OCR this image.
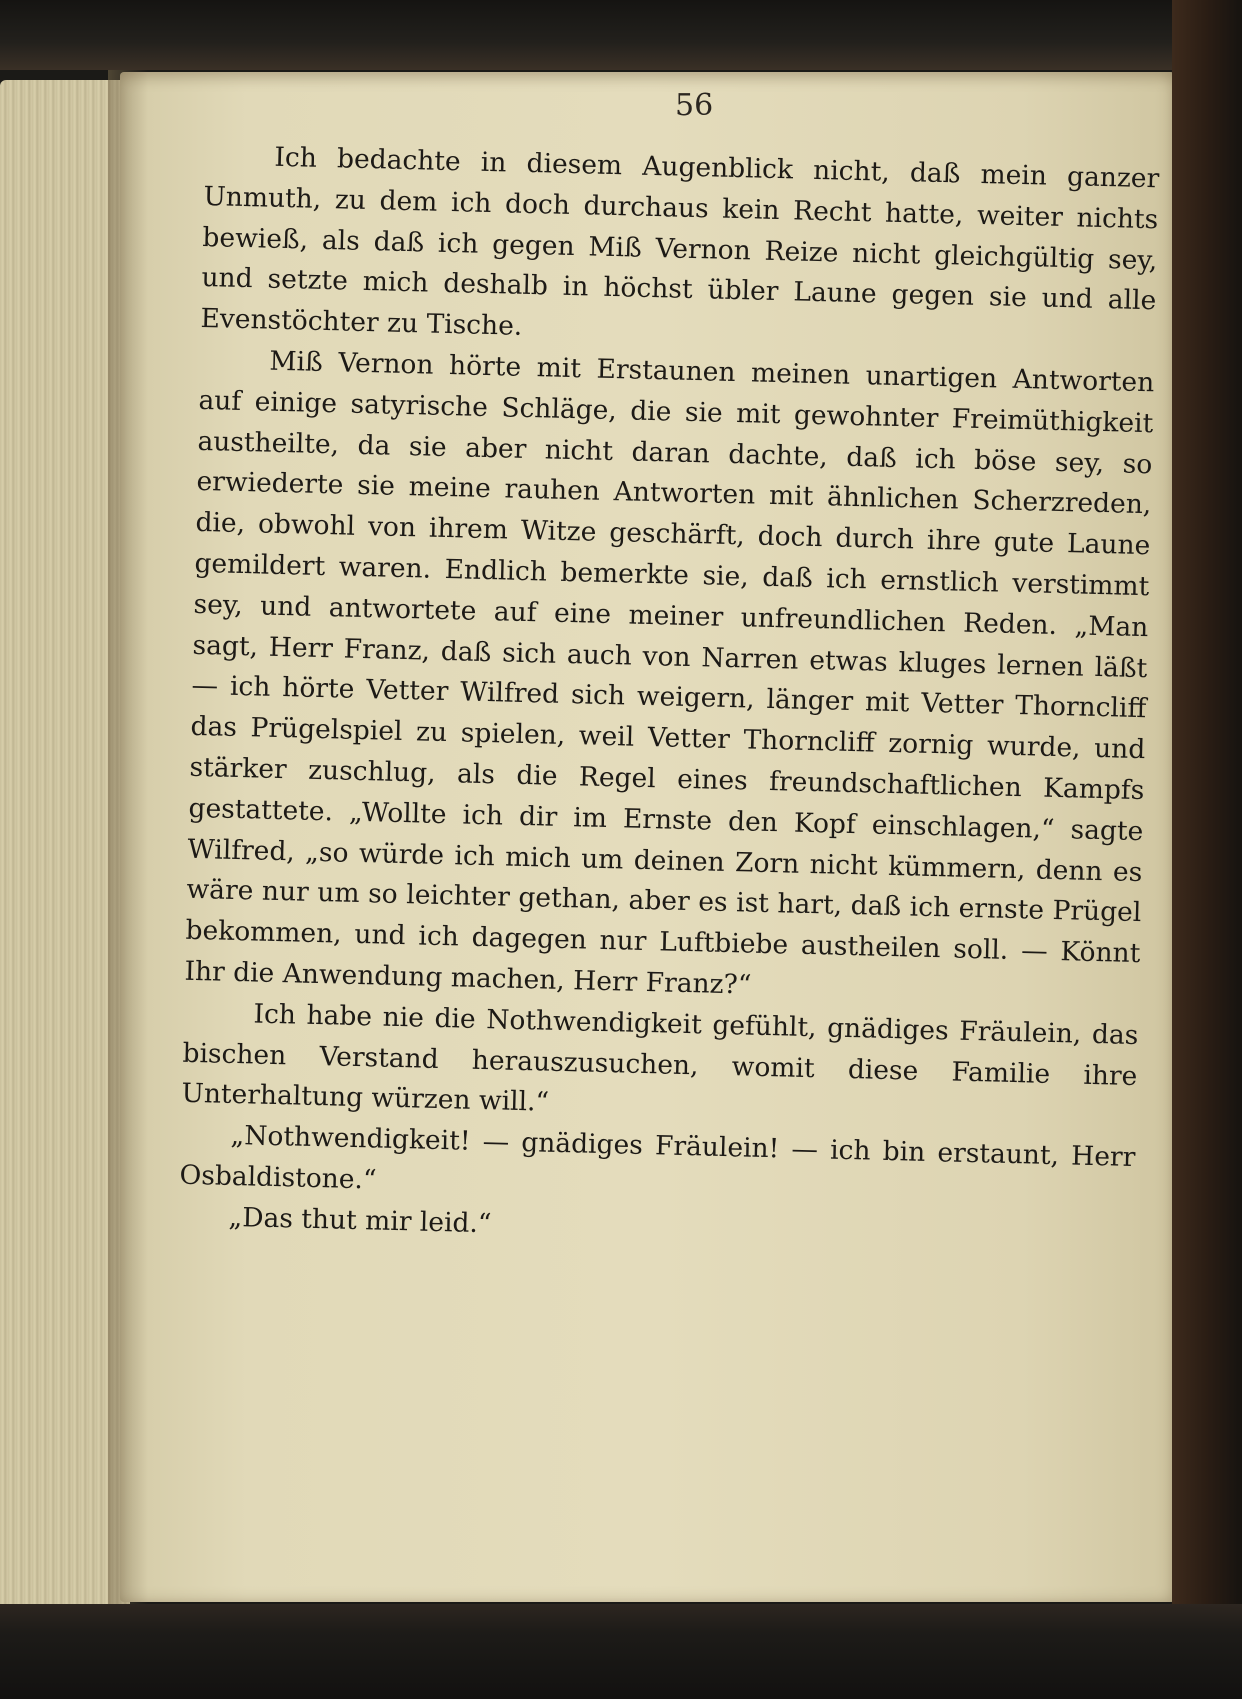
56

Ich bedachte in diesem Augenblick nicht, daß mein ganzer Unmuth, zu dem ich doch durchaus kein Recht hatte, weiter nichts bewieß, als daß ich gegen Miß Vernon Reize nicht gleichgültig sey, und setzte mich deshalb in höchst übler Laune gegen sie und alle Evenstöchter zu Tische.

Miß Vernon hörte mit Erstaunen meinen unartigen Antworten auf einige satyrische Schläge, die sie mit gewohnter Freimüthigkeit austheilte, da sie aber nicht daran dachte, daß ich böse sey, so erwiederte sie meine rauhen Antworten mit ähnlichen Scherzreden, die, obwohl von ihrem Witze geschärft, doch durch ihre gute Laune gemildert waren. Endlich bemerkte sie, daß ich ernstlich verstimmt sey, und antwortete auf eine meiner unfreundlichen Reden. „Man sagt, Herr Franz, daß sich auch von Narren etwas kluges lernen läßt — ich hörte Vetter Wilfred sich weigern, länger mit Vetter Thorncliff das Prügelspiel zu spielen, weil Vetter Thorncliff zornig wurde, und stärker zuschlug, als die Regel eines freundschaftlichen Kampfs gestattete. „Wollte ich dir im Ernste den Kopf einschlagen,“ sagte Wilfred, „so würde ich mich um deinen Zorn nicht kümmern, denn es wäre nur um so leichter gethan, aber es ist hart, daß ich ernste Prügel bekommen, und ich dagegen nur Luftbiebe austheilen soll. — Könnt Ihr die Anwendung machen, Herr Franz?“

Ich habe nie die Nothwendigkeit gefühlt, gnädiges Fräulein, das bischen Verstand herauszusuchen, womit diese Familie ihre Unterhaltung würzen will.“

„Nothwendigkeit! — gnädiges Fräulein! — ich bin erstaunt, Herr Osbaldistone.“

„Das thut mir leid.“
